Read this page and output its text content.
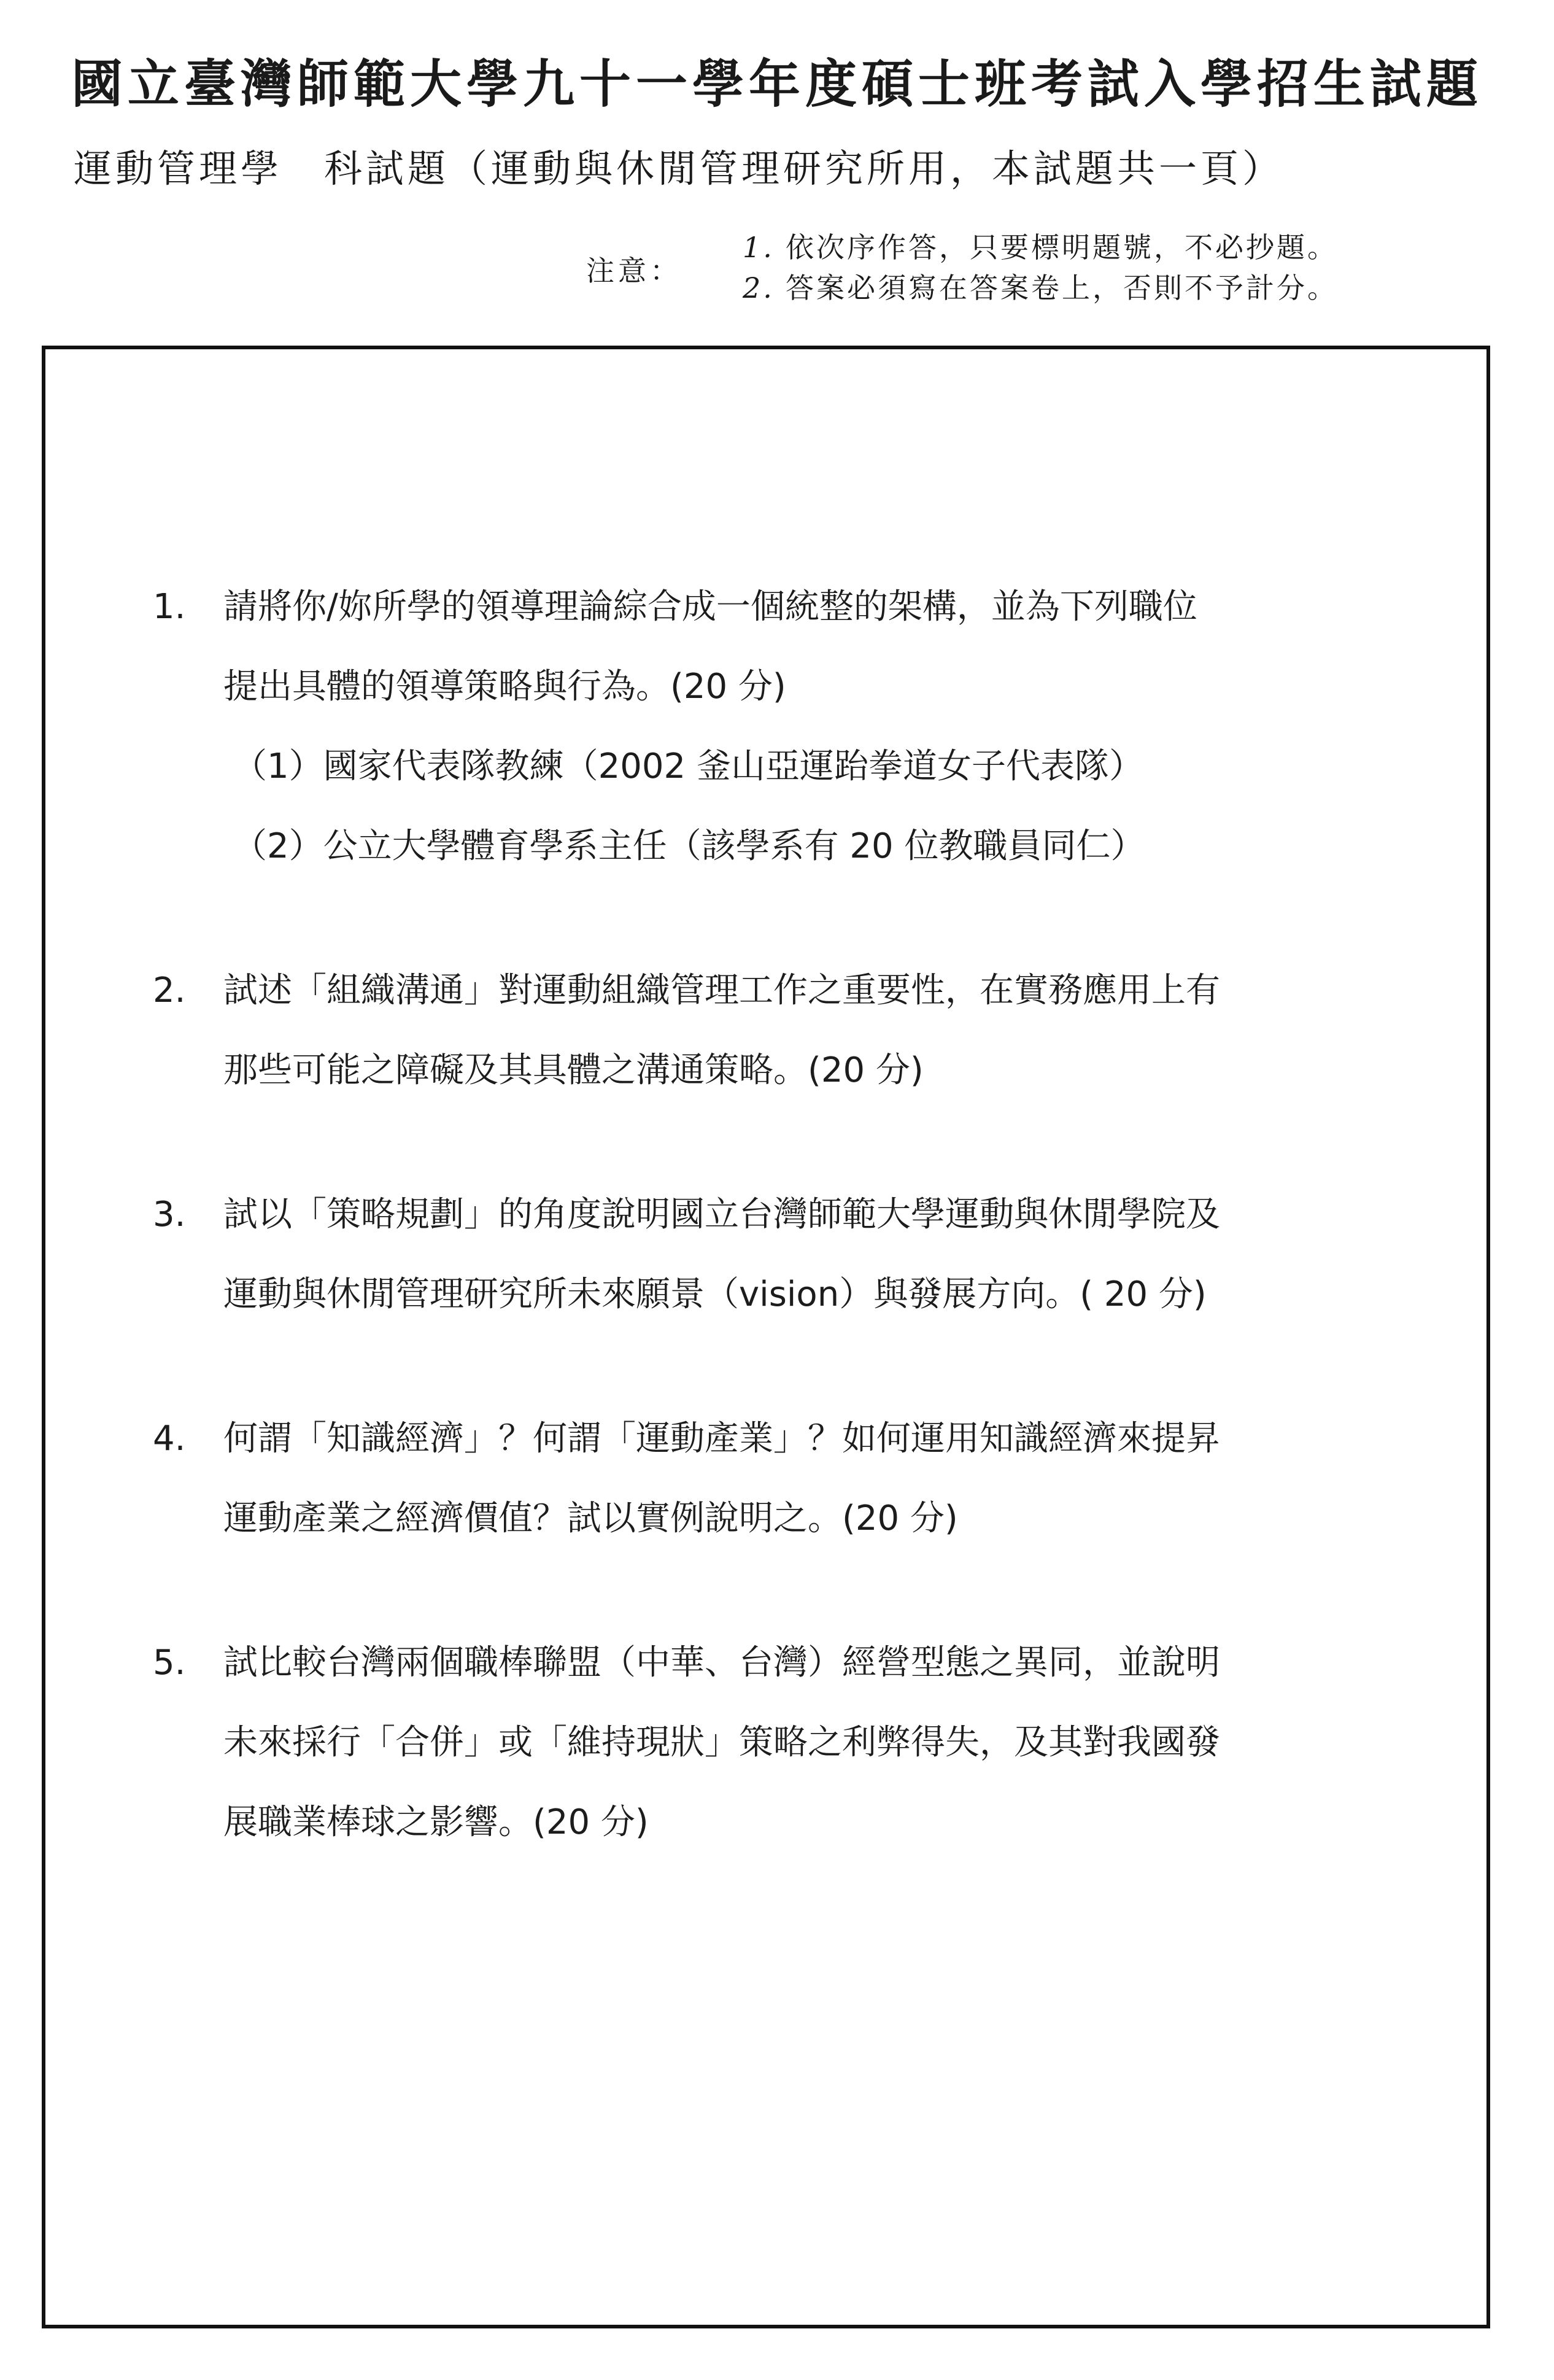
國立臺灣師範大學九十一學年度碩士班考試入學招生試題
運動管理學　科試題（運動與休閒管理研究所用，本試題共一頁）
注意：
1. 依次序作答，只要標明題號，不必抄題。
2. 答案必須寫在答案卷上，否則不予計分。
1.	請將你/妳所學的領導理論綜合成一個統整的架構，並為下列職位
提出具體的領導策略與行為。(20 分)
（1）國家代表隊教練（2002 釜山亞運跆拳道女子代表隊）
（2）公立大學體育學系主任（該學系有 20 位教職員同仁）
2.	試述「組織溝通」對運動組織管理工作之重要性，在實務應用上有
那些可能之障礙及其具體之溝通策略。(20 分)
3.	試以「策略規劃」的角度說明國立台灣師範大學運動與休閒學院及
運動與休閒管理研究所未來願景（vision）與發展方向。( 20 分)
4.	何謂「知識經濟」？何謂「運動產業」？如何運用知識經濟來提昇
運動產業之經濟價值？試以實例說明之。(20 分)
5.	試比較台灣兩個職棒聯盟（中華、台灣）經營型態之異同，並說明
未來採行「合併」或「維持現狀」策略之利弊得失，及其對我國發
展職業棒球之影響。(20 分)
